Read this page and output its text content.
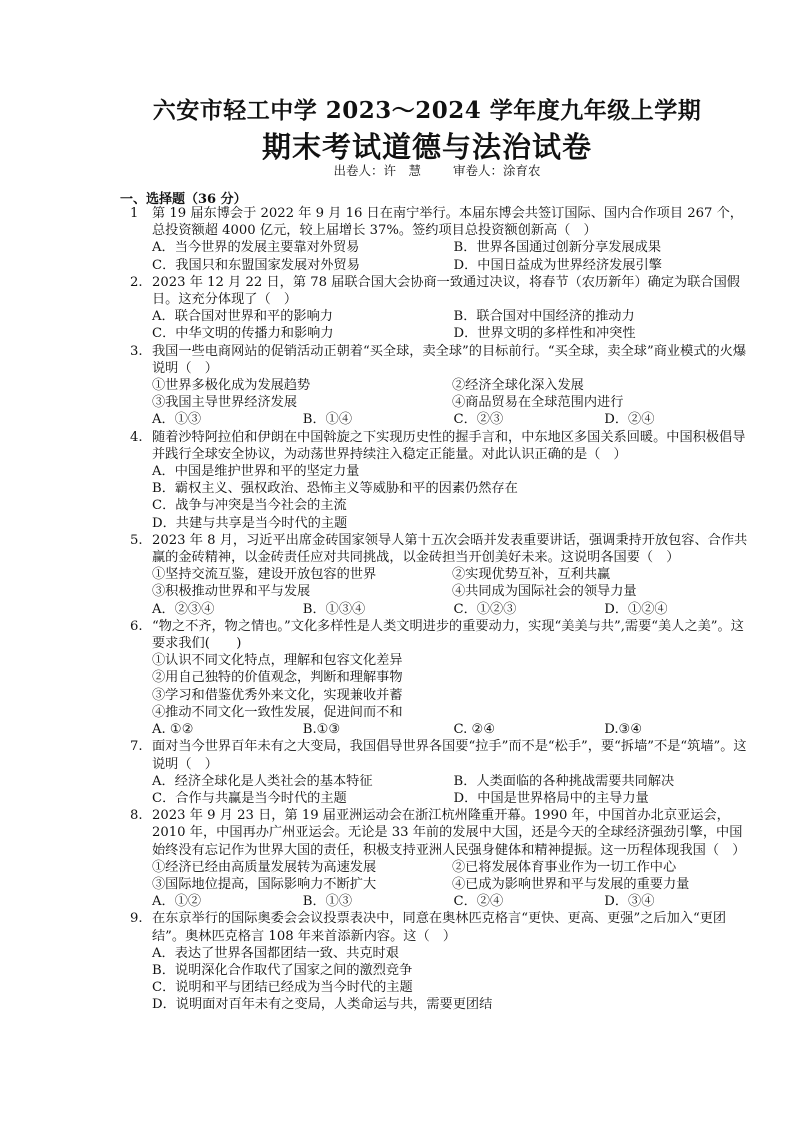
六安市轻工中学 2023～2024 学年度九年级上学期
期末考试道德与法治试卷
出卷人：许　慧	审卷人：涂育农
一、选择题（36 分）
1	第 19 届东博会于 2022 年 9 月 16 日在南宁举行。本届东博会共签订国际、国内合作项目 267 个，总投资额超 4000 亿元，较上届增长 37%。签约项目总投资额创新高（　）
A．当今世界的发展主要靠对外贸易	B．世界各国通过创新分享发展成果
C．我国只和东盟国家发展对外贸易	D．中国日益成为世界经济发展引擎
2. 2023 年 12 月 22 日，第 78 届联合国大会协商一致通过决议，将春节（农历新年）确定为联合国假日。这充分体现了（　）
A．联合国对世界和平的影响力	B．联合国对中国经济的推动力
C．中华文明的传播力和影响力	D．世界文明的多样性和冲突性
3. 我国一些电商网站的促销活动正朝着“买全球，卖全球”的目标前行。“买全球，卖全球”商业模式的火爆说明（　）
①世界多极化成为发展趋势	②经济全球化深入发展
③我国主导世界经济发展	④商品贸易在全球范围内进行
A．①③	B．①④	C．②③	D．②④
4. 随着沙特阿拉伯和伊朗在中国斡旋之下实现历史性的握手言和，中东地区多国关系回暖。中国积极倡导并践行全球安全协议，为动荡世界持续注入稳定正能量。对此认识正确的是（　）
A．中国是维护世界和平的坚定力量
B．霸权主义、强权政治、恐怖主义等威胁和平的因素仍然存在
C．战争与冲突是当今社会的主流
D．共建与共享是当今时代的主题
5. 2023 年 8 月，习近平出席金砖国家领导人第十五次会晤并发表重要讲话，强调秉持开放包容、合作共赢的金砖精神，以金砖责任应对共同挑战，以金砖担当开创美好未来。这说明各国要（　）
①坚持交流互鉴，建设开放包容的世界	②实现优势互补，互利共赢
③积极推动世界和平与发展	④共同成为国际社会的领导力量
A．②③④	B．①③④	C．①②③	D．①②④
6. “物之不齐，物之情也。”文化多样性是人类文明进步的重要动力，实现“美美与共”,需要“美人之美”。这要求我们(　　)
①认识不同文化特点，理解和包容文化差异
②用自己独特的价值观念，判断和理解事物
③学习和借鉴优秀外来文化，实现兼收并蓄
④推动不同文化一致性发展，促进间而不和
A. ①②	B.①③	C. ②④	D.③④
7. 面对当今世界百年未有之大变局，我国倡导世界各国要“拉手”而不是“松手”，要“拆墙”不是“筑墙”。这说明（　）
A．经济全球化是人类社会的基本特征	B．人类面临的各种挑战需要共同解决
C．合作与共赢是当今时代的主题	D．中国是世界格局中的主导力量
8. 2023 年 9 月 23 日，第 19 届亚洲运动会在浙江杭州隆重开幕。1990 年，中国首办北京亚运会，2010 年，中国再办广州亚运会。无论是 33 年前的发展中大国，还是今天的全球经济强劲引擎，中国始终没有忘记作为世界大国的责任，积极支持亚洲人民强身健体和精神提振。这一历程体现我国（　）
①经济已经由高质量发展转为高速发展	②已将发展体育事业作为一切工作中心
③国际地位提高，国际影响力不断扩大	④已成为影响世界和平与发展的重要力量
A．①②	B．①③	C．②④	D．③④
9. 在东京举行的国际奥委会会议投票表决中，同意在奥林匹克格言“更快、更高、更强”之后加入“更团结”。奥林匹克格言 108 年来首添新内容。这（　）
A．表达了世界各国都团结一致、共克时艰
B．说明深化合作取代了国家之间的激烈竞争
C．说明和平与团结已经成为当今时代的主题
D．说明面对百年未有之变局，人类命运与共，需要更团结
